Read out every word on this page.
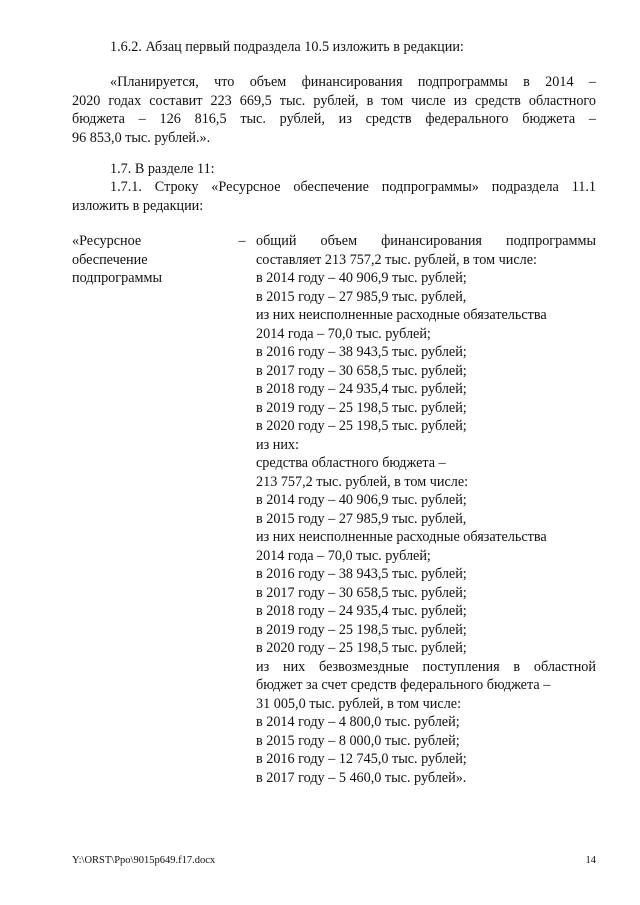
1.6.2. Абзац первый подраздела 10.5 изложить в редакции:
«Планируется, что объем финансирования подпрограммы в 2014 –
2020 годах составит 223 669,5 тыс. рублей, в том числе из средств областного
бюджета – 126 816,5 тыс. рублей, из средств федерального бюджета –
96 853,0 тыс. рублей.».
1.7. В разделе 11:
1.7.1. Строку «Ресурсное обеспечение подпрограммы» подраздела 11.1
изложить в редакции:
«Ресурсное
обеспечение
подпрограммы
– общий объем финансирования подпрограммы
составляет 213 757,2 тыс. рублей, в том числе:
в 2014 году – 40 906,9 тыс. рублей;
в 2015 году – 27 985,9 тыс. рублей,
из них неисполненные расходные обязательства
2014 года – 70,0 тыс. рублей;
в 2016 году – 38 943,5 тыс. рублей;
в 2017 году – 30 658,5 тыс. рублей;
в 2018 году – 24 935,4 тыс. рублей;
в 2019 году – 25 198,5 тыс. рублей;
в 2020 году – 25 198,5 тыс. рублей;
из них:
средства областного бюджета –
213 757,2 тыс. рублей, в том числе:
в 2014 году – 40 906,9 тыс. рублей;
в 2015 году – 27 985,9 тыс. рублей,
из них неисполненные расходные обязательства
2014 года – 70,0 тыс. рублей;
в 2016 году – 38 943,5 тыс. рублей;
в 2017 году – 30 658,5 тыс. рублей;
в 2018 году – 24 935,4 тыс. рублей;
в 2019 году – 25 198,5 тыс. рублей;
в 2020 году – 25 198,5 тыс. рублей;
из них безвозмездные поступления в областной
бюджет за счет средств федерального бюджета –
31 005,0 тыс. рублей, в том числе:
в 2014 году – 4 800,0 тыс. рублей;
в 2015 году – 8 000,0 тыс. рублей;
в 2016 году – 12 745,0 тыс. рублей;
в 2017 году – 5 460,0 тыс. рублей».
Y:\ORST\Ppo\9015p649.f17.docx	14
